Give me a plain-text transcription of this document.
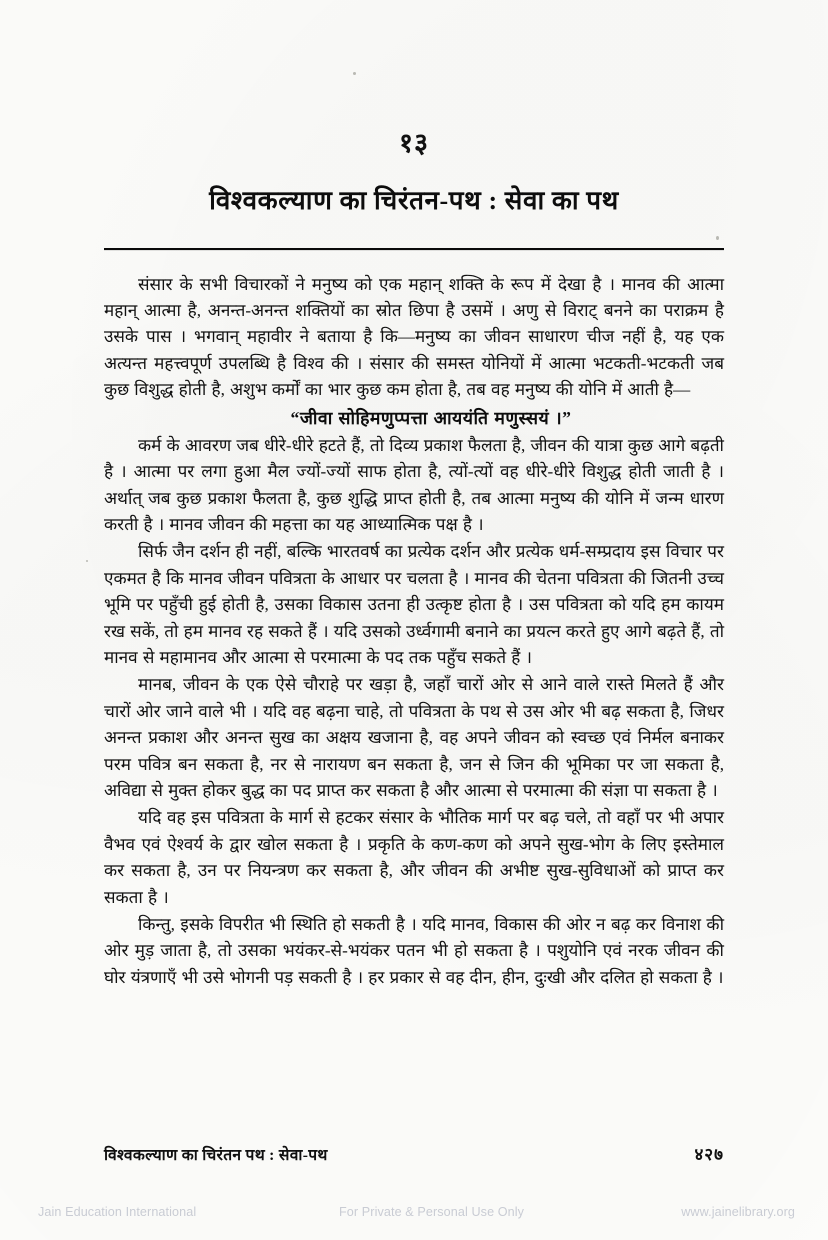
१३
विश्वकल्याण का चिरंतन-पथ : सेवा का पथ

संसार के सभी विचारकों ने मनुष्य को एक महान् शक्ति के रूप में देखा है । मानव की आत्मा महान् आत्मा है, अनन्त-अनन्त शक्तियों का स्रोत छिपा है उसमें । अणु से विराट् बनने का पराक्रम है उसके पास । भगवान् महावीर ने बताया है कि—मनुष्य का जीवन साधारण चीज नहीं है, यह एक अत्यन्त महत्त्वपूर्ण उपलब्धि है विश्व की । संसार की समस्त योनियों में आत्मा भटकती-भटकती जब कुछ विशुद्ध होती है, अशुभ कर्मों का भार कुछ कम होता है, तब वह मनुष्य की योनि में आती है—

“जीवा सोहिमणुप्पत्ता आययंति मणुस्सयं ।”

कर्म के आवरण जब धीरे-धीरे हटते हैं, तो दिव्य प्रकाश फैलता है, जीवन की यात्रा कुछ आगे बढ़ती है । आत्मा पर लगा हुआ मैल ज्यों-ज्यों साफ होता है, त्यों-त्यों वह धीरे-धीरे विशुद्ध होती जाती है । अर्थात् जब कुछ प्रकाश फैलता है, कुछ शुद्धि प्राप्त होती है, तब आत्मा मनुष्य की योनि में जन्म धारण करती है । मानव जीवन की महत्ता का यह आध्यात्मिक पक्ष है ।

सिर्फ जैन दर्शन ही नहीं, बल्कि भारतवर्ष का प्रत्येक दर्शन और प्रत्येक धर्म-सम्प्रदाय इस विचार पर एकमत है कि मानव जीवन पवित्रता के आधार पर चलता है । मानव की चेतना पवित्रता की जितनी उच्च भूमि पर पहुँची हुई होती है, उसका विकास उतना ही उत्कृष्ट होता है । उस पवित्रता को यदि हम कायम रख सकें, तो हम मानव रह सकते हैं । यदि उसको उर्ध्वगामी बनाने का प्रयत्न करते हुए आगे बढ़ते हैं, तो मानव से महामानव और आत्मा से परमात्मा के पद तक पहुँच सकते हैं ।

मानब, जीवन के एक ऐसे चौराहे पर खड़ा है, जहाँ चारों ओर से आने वाले रास्ते मिलते हैं और चारों ओर जाने वाले भी । यदि वह बढ़ना चाहे, तो पवित्रता के पथ से उस ओर भी बढ़ सकता है, जिधर अनन्त प्रकाश और अनन्त सुख का अक्षय खजाना है, वह अपने जीवन को स्वच्छ एवं निर्मल बनाकर परम पवित्र बन सकता है, नर से नारायण बन सकता है, जन से जिन की भूमिका पर जा सकता है, अविद्या से मुक्त होकर बुद्ध का पद प्राप्त कर सकता है और आत्मा से परमात्मा की संज्ञा पा सकता है ।

यदि वह इस पवित्रता के मार्ग से हटकर संसार के भौतिक मार्ग पर बढ़ चले, तो वहाँ पर भी अपार वैभव एवं ऐश्वर्य के द्वार खोल सकता है । प्रकृति के कण-कण को अपने सुख-भोग के लिए इस्तेमाल कर सकता है, उन पर नियन्त्रण कर सकता है, और जीवन की अभीष्ट सुख-सुविधाओं को प्राप्त कर सकता है ।

किन्तु, इसके विपरीत भी स्थिति हो सकती है । यदि मानव, विकास की ओर न बढ़ कर विनाश की ओर मुड़ जाता है, तो उसका भयंकर-से-भयंकर पतन भी हो सकता है । पशुयोनि एवं नरक जीवन की घोर यंत्रणाएँ भी उसे भोगनी पड़ सकती है । हर प्रकार से वह दीन, हीन, दुःखी और दलित हो सकता है ।

विश्वकल्याण का चिरंतन पथ : सेवा-पथ	४२७
Jain Education International	For Private & Personal Use Only	www.jainelibrary.org
